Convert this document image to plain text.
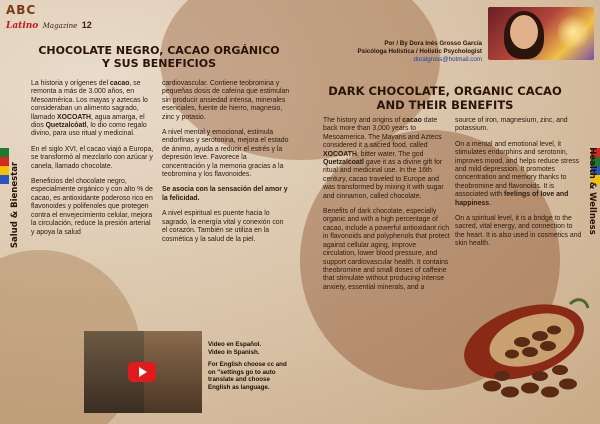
ABC
Latino Magazine 12
Por / By Dora Inés Grosso García
Psicóloga Holística / Holistic Psychologist
doralgross@hotmail.com
Salud & Bienestar	Health & Wellness
CHOCOLATE NEGRO, CACAO ORGÁNICO
Y SUS BENEFICIOS

La historia y orígenes del cacao, se remonta a más de 3.000 años, en Mesoamérica. Los mayas y aztecas lo consideraban un alimento sagrado, llamado XOCOATH, agua amarga, el dios Quetzalcóatl, lo dio como regalo divino, para uso ritual y medicinal.

En el siglo XVI, el cacao viajó a Europa, se transformó al mezclarlo con azúcar y canela, llamado chocolate.

Beneficios del chocolate negro, especialmente orgánico y con alto % de cacao, es antioxidante poderoso rico en flavonoides y polifenoles que protegen contra el envejecimiento celular, mejora la circulación, reduce la presión arterial y apoya la salud

cardiovascular. Contiene teobromina y pequeñas dosis de cafeína que estimulan sin producir ansiedad intensa, minerales esenciales, fuente de hierro, magnesio, zinc y potasio.

A nivel mental y emocional, estimula endorfinas y serotonina, mejora el estado de ánimo, ayuda a reducir el estrés y la depresión leve. Favorece la concentración y la memoria gracias a la teobromina y los flavonoides.

Se asocia con la sensación del amor y la felicidad.

A nivel espiritual es puente hacia lo sagrado, la energía vital y conexión con el corazón. También se utiliza en la cosmética y la salud de la piel.

DARK CHOCOLATE, ORGANIC CACAO
AND THEIR BENEFITS

The history and origins of cacao date back more than 3,000 years to Mesoamerica. The Mayans and Aztecs considered it a sacred food, called XOCOATH, bitter water. The god Quetzalcoatl gave it as a divine gift for ritual and medicinal use. In the 16th century, cacao traveled to Europe and was transformed by mixing it with sugar and cinnamon, called chocolate.

Benefits of dark chocolate, especially organic and with a high percentage of cacao, include a powerful antioxidant rich in flavonoids and polyphenols that protect against cellular aging, improve circulation, lower blood pressure, and support cardiovascular health. It contains theobromine and small doses of caffeine that stimulate without producing intense anxiety, essential minerals, and a

source of iron, magnesium, zinc, and potassium.

On a mental and emotional level, it stimulates endorphins and serotonin, improves mood, and helps reduce stress and mild depression. It promotes concentration and memory thanks to theobromine and flavonoids. It is associated with feelings of love and happiness.

On a spiritual level, it is a bridge to the sacred, vital energy, and connection to the heart. It is also used in cosmetics and skin health.

Video en Español.
Video in Spanish.

For English choose cc and on "settings go to auto translate and choose English as language.
